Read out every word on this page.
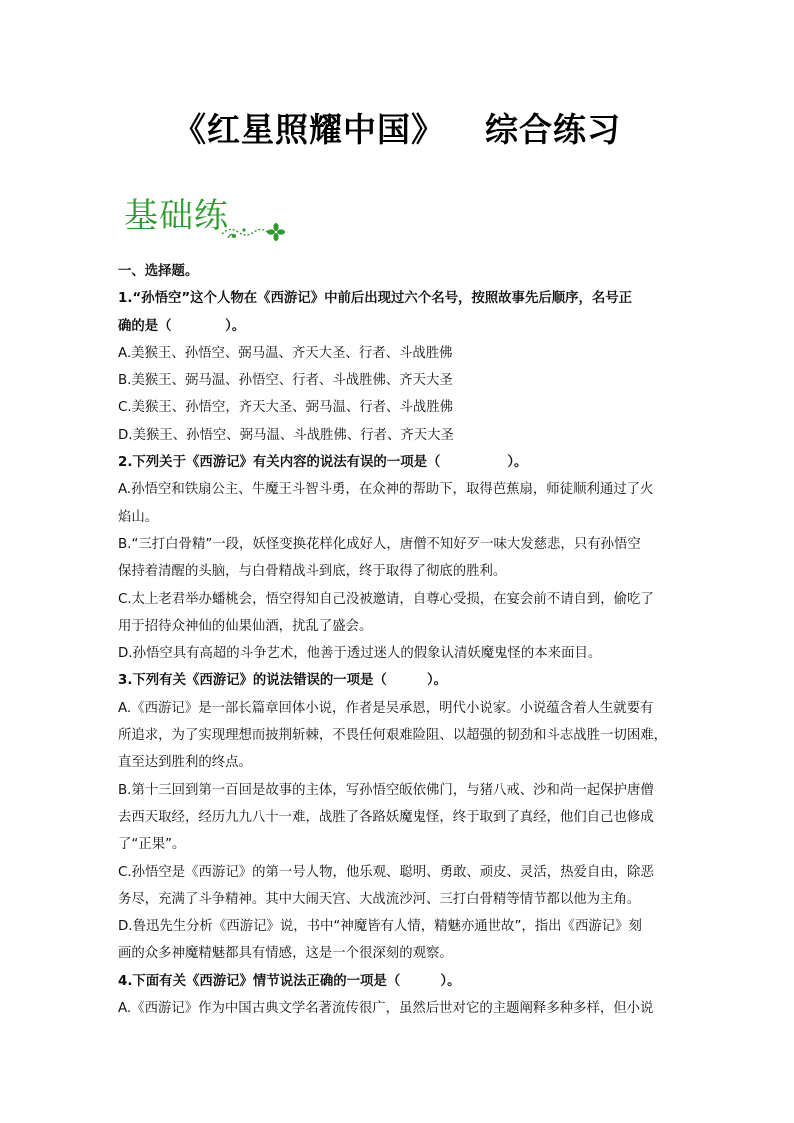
《红星照耀中国》 综合练习
基础练
一、选择题。
1.“孙悟空”这个人物在《西游记》中前后出现过六个名号，按照故事先后顺序，名号正
确的是（　　　　）。
A.美猴王、孙悟空、弼马温、齐天大圣、行者、斗战胜佛
B.美猴王、弼马温、孙悟空、行者、斗战胜佛、齐天大圣
C.美猴王、孙悟空，齐天大圣、弼马温、行者、斗战胜佛
D.美猴王、孙悟空、弼马温、斗战胜佛、行者、齐天大圣
2.下列关于《西游记》有关内容的说法有误的一项是（　　　　　）。
A.孙悟空和铁扇公主、牛魔王斗智斗勇，在众神的帮助下，取得芭蕉扇，师徒顺利通过了火
焰山。
B.“三打白骨精”一段，妖怪变换花样化成好人，唐僧不知好歹一味大发慈悲，只有孙悟空
保持着清醒的头脑，与白骨精战斗到底，终于取得了彻底的胜利。
C.太上老君举办蟠桃会，悟空得知自己没被邀请，自尊心受损，在宴会前不请自到，偷吃了
用于招待众神仙的仙果仙酒，扰乱了盛会。
D.孙悟空具有高超的斗争艺术，他善于透过迷人的假象认清妖魔鬼怪的本来面目。
3.下列有关《西游记》的说法错误的一项是（　　　）。
A.《西游记》是一部长篇章回体小说，作者是吴承恩，明代小说家。小说蕴含着人生就要有
所追求，为了实现理想而披荆斩棘，不畏任何艰难险阻、以超强的韧劲和斗志战胜一切困难，
直至达到胜利的终点。
B.第十三回到第一百回是故事的主体，写孙悟空皈依佛门，与猪八戒、沙和尚一起保护唐僧
去西天取经，经历九九八十一难，战胜了各路妖魔鬼怪，终于取到了真经，他们自己也修成
了“正果”。
C.孙悟空是《西游记》的第一号人物，他乐观、聪明、勇敢、顽皮、灵活，热爱自由，除恶
务尽，充满了斗争精神。其中大闹天宫、大战流沙河、三打白骨精等情节都以他为主角。
D.鲁迅先生分析《西游记》说，书中“神魔皆有人情，精魅亦通世故”，指出《西游记》刻
画的众多神魔精魅都具有情感，这是一个很深刻的观察。
4.下面有关《西游记》情节说法正确的一项是（　　　）。
A.《西游记》作为中国古典文学名著流传很广，虽然后世对它的主题阐释多种多样，但小说
